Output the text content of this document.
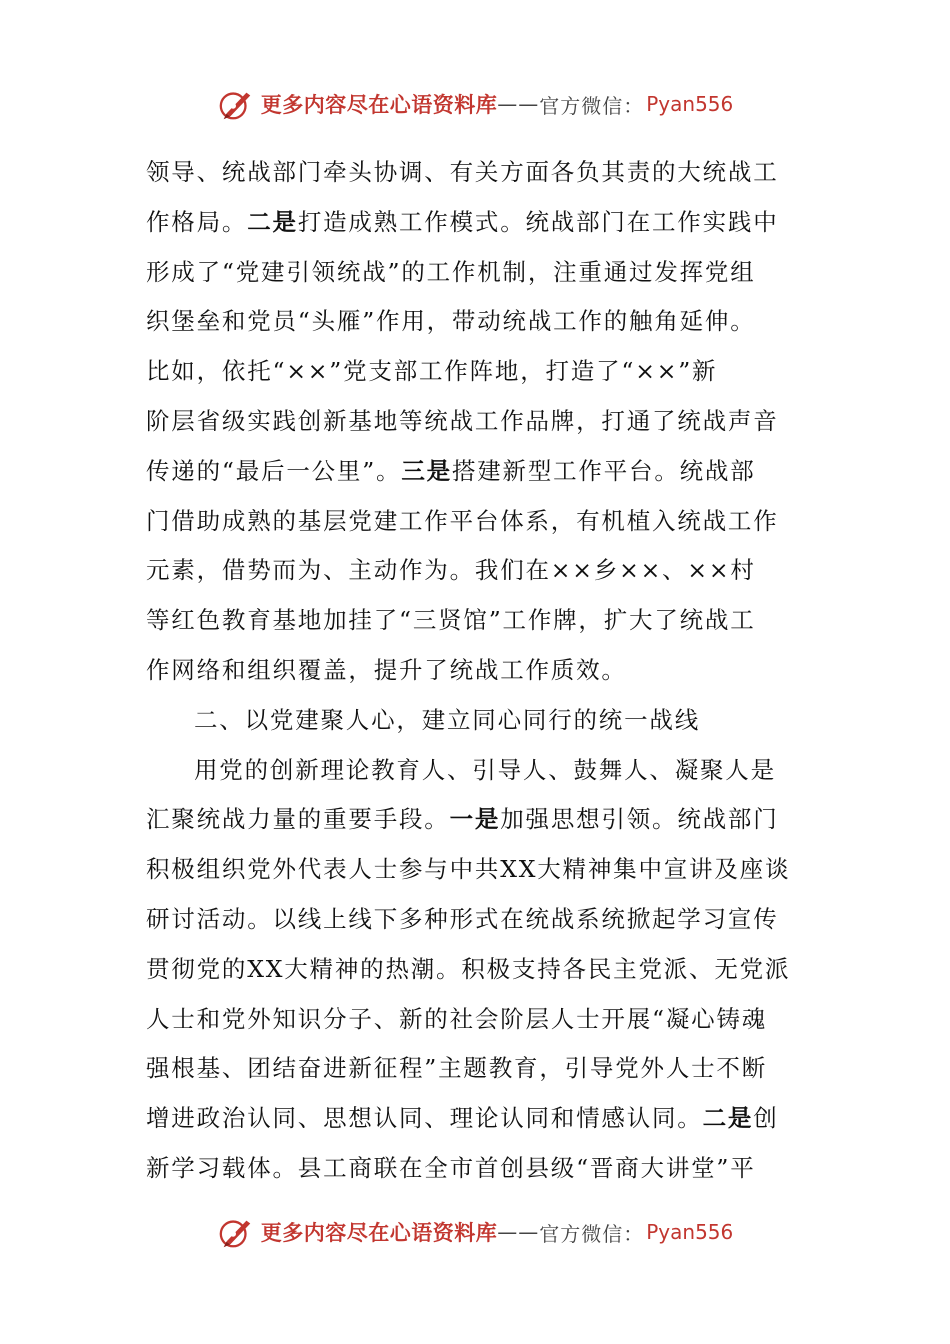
更多内容尽在心语资料库 —— 官方微信： Pyan556
领导、统战部门牵头协调、有关方面各负其责的大统战工
作格局。二是打造成熟工作模式。统战部门在工作实践中
形成了“党建引领统战”的工作机制，注重通过发挥党组
织堡垒和党员“头雁”作用，带动统战工作的触角延伸。
比如，依托“××”党支部工作阵地，打造了“××”新
阶层省级实践创新基地等统战工作品牌，打通了统战声音
传递的“最后一公里”。三是搭建新型工作平台。统战部
门借助成熟的基层党建工作平台体系，有机植入统战工作
元素，借势而为、主动作为。我们在××乡××、××村
等红色教育基地加挂了“三贤馆”工作牌，扩大了统战工
作网络和组织覆盖，提升了统战工作质效。
二、以党建聚人心，建立同心同行的统一战线
用党的创新理论教育人、引导人、鼓舞人、凝聚人是
汇聚统战力量的重要手段。一是加强思想引领。统战部门
积极组织党外代表人士参与中共XX大精神集中宣讲及座谈
研讨活动。以线上线下多种形式在统战系统掀起学习宣传
贯彻党的XX大精神的热潮。积极支持各民主党派、无党派
人士和党外知识分子、新的社会阶层人士开展“凝心铸魂
强根基、团结奋进新征程”主题教育，引导党外人士不断
增进政治认同、思想认同、理论认同和情感认同。二是创
新学习载体。县工商联在全市首创县级“晋商大讲堂”平
更多内容尽在心语资料库 —— 官方微信： Pyan556
